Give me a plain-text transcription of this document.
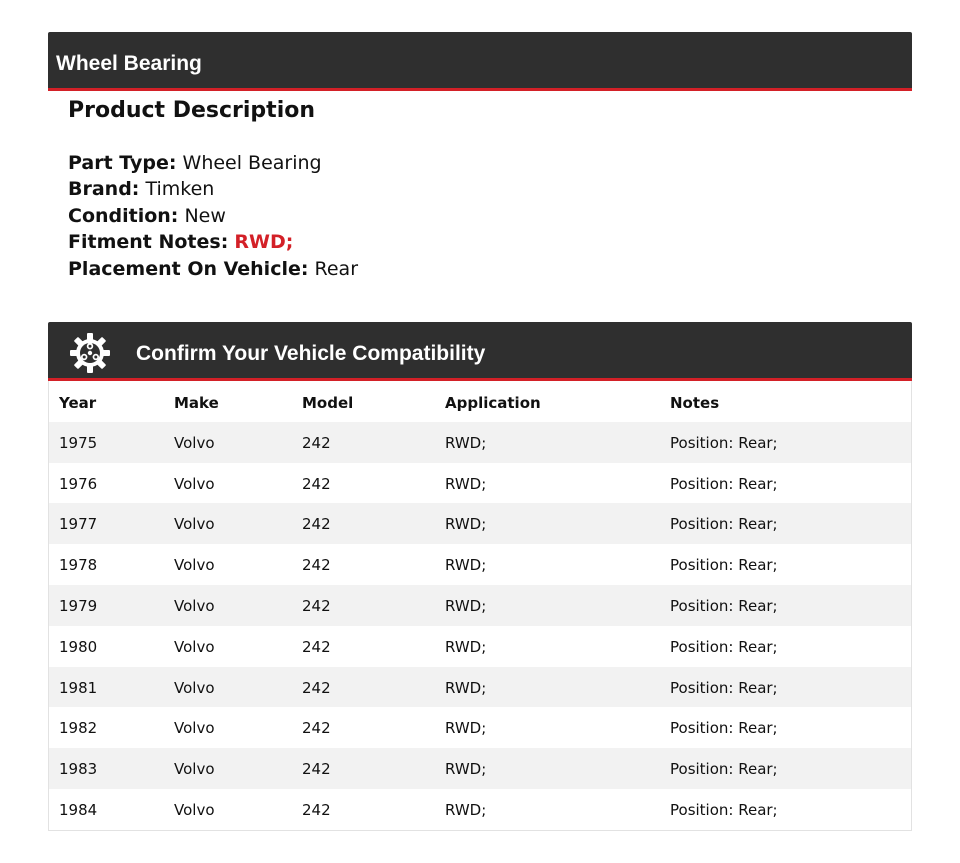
Wheel Bearing
Product Description
Part Type: Wheel Bearing
Brand: Timken
Condition: New
Fitment Notes: RWD;
Placement On Vehicle: Rear
Confirm Your Vehicle Compatibility
Year	Make	Model	Application	Notes
1975	Volvo	242	RWD;	Position: Rear;
1976	Volvo	242	RWD;	Position: Rear;
1977	Volvo	242	RWD;	Position: Rear;
1978	Volvo	242	RWD;	Position: Rear;
1979	Volvo	242	RWD;	Position: Rear;
1980	Volvo	242	RWD;	Position: Rear;
1981	Volvo	242	RWD;	Position: Rear;
1982	Volvo	242	RWD;	Position: Rear;
1983	Volvo	242	RWD;	Position: Rear;
1984	Volvo	242	RWD;	Position: Rear;
